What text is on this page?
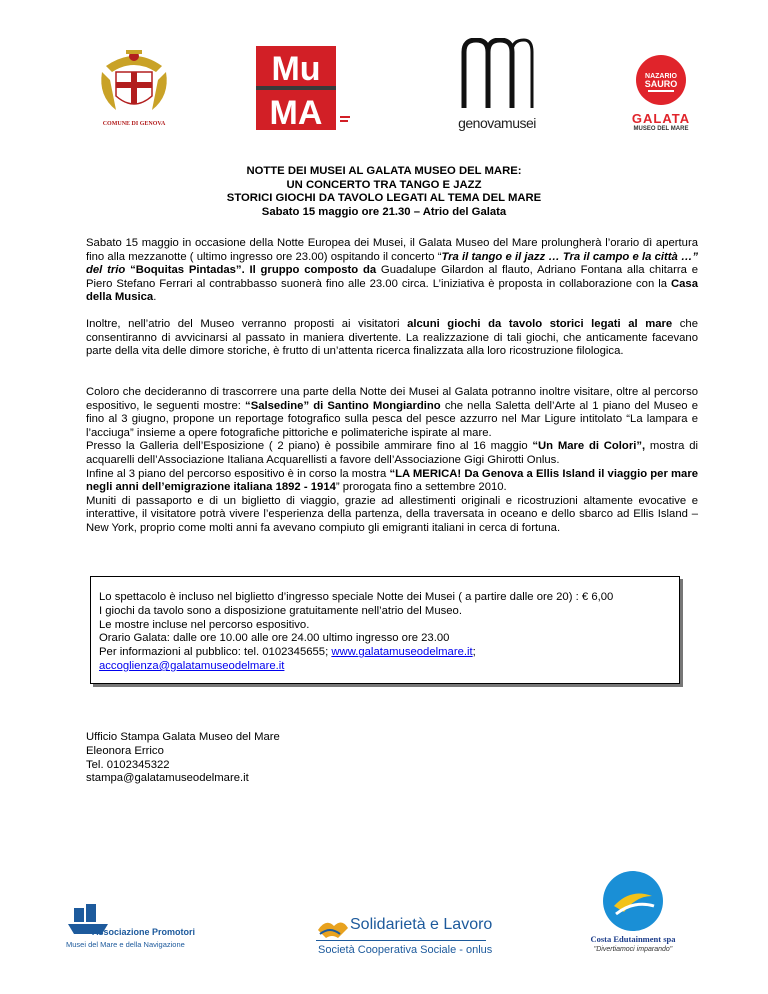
COMUNE DI GENOVA
Mu
MA	genovamusei
NAZARIO
SAURO
GALATA
MUSEO DEL MARE
NOTTE DEI MUSEI AL GALATA MUSEO DEL MARE:
UN CONCERTO TRA TANGO E JAZZ
STORICI GIOCHI DA TAVOLO LEGATI AL TEMA DEL MARE
Sabato 15 maggio ore 21.30 – Atrio del Galata
Sabato 15 maggio in occasione della Notte Europea dei Musei, il Galata Museo del Mare prolungherà l’orario dì apertura fino alla mezzanotte ( ultimo ingresso ore 23.00) ospitando il concerto “Tra il tango e il jazz … Tra il campo e la città …” del trio “Boquitas Pintadas”. Il gruppo composto da Guadalupe Gilardon al flauto, Adriano Fontana alla chitarra e Piero Stefano Ferrari al contrabbasso suonerà fino alle 23.00 circa. L’iniziativa è proposta in collaborazione con la Casa della Musica.
Inoltre, nell’atrio del Museo verranno proposti ai visitatori alcuni giochi da tavolo storici legati al mare che consentiranno di avvicinarsi al passato in maniera divertente. La realizzazione di tali giochi, che anticamente facevano parte della vita delle dimore storiche, è frutto di un’attenta ricerca finalizzata alla loro ricostruzione filologica.
Coloro che decideranno di trascorrere una parte della Notte dei Musei al Galata potranno inoltre visitare, oltre al percorso espositivo, le seguenti mostre: “Salsedine” di Santino Mongiardino che nella Saletta dell’Arte al 1 piano del Museo e fino al 3 giugno, propone un reportage fotografico sulla pesca del pesce azzurro nel Mar Ligure intitolato “La lampara e l’acciuga” insieme a opere fotografiche pittoriche e polimateriche ispirate al mare.
Presso la Galleria dell’Esposizione ( 2 piano) è possibile ammirare fino al 16 maggio “Un Mare di Colori”, mostra di acquarelli dell’Associazione Italiana Acquarellisti a favore dell’Associazione Gigi Ghirotti Onlus.
Infine al 3 piano del percorso espositivo è in corso la mostra “LA MERICA! Da Genova a Ellis Island il viaggio per mare negli anni dell’emigrazione italiana 1892 - 1914” prorogata fino a settembre 2010.
Muniti di passaporto e di un biglietto di viaggio, grazie ad allestimenti originali e ricostruzioni altamente evocative e interattive, il visitatore potrà vivere l’esperienza della partenza, della traversata in oceano e dello sbarco ad Ellis Island – New York, proprio come molti anni fa avevano compiuto gli emigranti italiani in cerca di fortuna.
Lo spettacolo è incluso nel biglietto d’ingresso speciale Notte dei Musei ( a partire dalle ore 20) : € 6,00
I giochi da tavolo sono a disposizione gratuitamente nell’atrio del Museo.
Le mostre incluse nel percorso espositivo.
Orario Galata: dalle ore 10.00 alle ore 24.00 ultimo ingresso ore 23.00
Per informazioni al pubblico: tel. 0102345655; www.galatamuseodelmare.it;
accoglienza@galatamuseodelmare.it
Ufficio Stampa Galata Museo del Mare
Eleonora Errico
Tel. 0102345322
stampa@galatamuseodelmare.it
Associazione Promotori
Musei del Mare e della Navigazione
Solidarietà e Lavoro
Società Cooperativa Sociale - onlus
Costa Edutainment spa
"Divertiamoci imparando"
